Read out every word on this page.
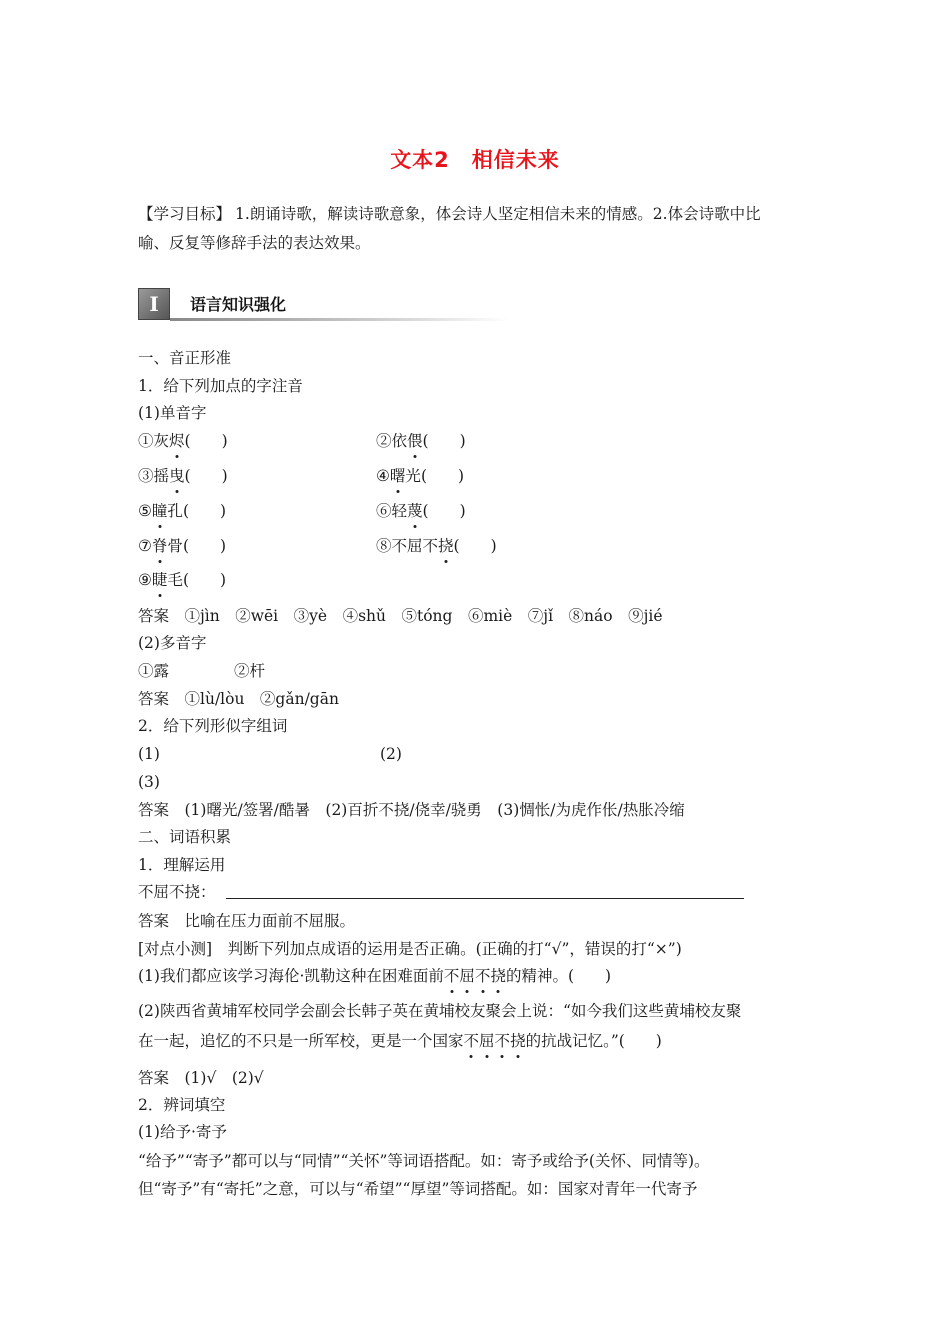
文本2　相信未来
【学习目标】 1.朗诵诗歌，解读诗歌意象，体会诗人坚定相信未来的情感。2.体会诗歌中比
喻、反复等修辞手法的表达效果。
I	语言知识强化
一、音正形准
1．给下列加点的字注音
(1)单音字
①灰烬(　　)	②依偎(　　)
③摇曳(　　)	④曙光(　　)
⑤瞳孔(　　)	⑥轻蔑(　　)
⑦脊骨(　　)	⑧不屈不挠(　　)
⑨睫毛(　　)
答案　①jìn　②wēi　③yè　④shǔ　⑤tóng　⑥miè　⑦jǐ　⑧náo　⑨jié
(2)多音字
①露	②杆
答案　①lù/lòu　②gǎn/gān
2．给下列形似字组词
(1)	(2)
(3)
答案　(1)曙光/签署/酷暑　(2)百折不挠/侥幸/骁勇　(3)惆怅/为虎作伥/热胀冷缩
二、词语积累
1．理解运用
不屈不挠：
答案　比喻在压力面前不屈服。
[对点小测]　判断下列加点成语的运用是否正确。(正确的打“√”，错误的打“×”)
(1)我们都应该学习海伦·凯勒这种在困难面前不屈不挠的精神。(　　)
(2)陕西省黄埔军校同学会副会长韩子英在黄埔校友聚会上说：“如今我们这些黄埔校友聚
在一起，追忆的不只是一所军校，更是一个国家不屈不挠的抗战记忆。”(　　)
答案　(1)√　(2)√
2．辨词填空
(1)给予·寄予
“给予”“寄予”都可以与“同情”“关怀”等词语搭配。如：寄予或给予(关怀、同情等)。
但“寄予”有“寄托”之意，可以与“希望”“厚望”等词搭配。如：国家对青年一代寄予
